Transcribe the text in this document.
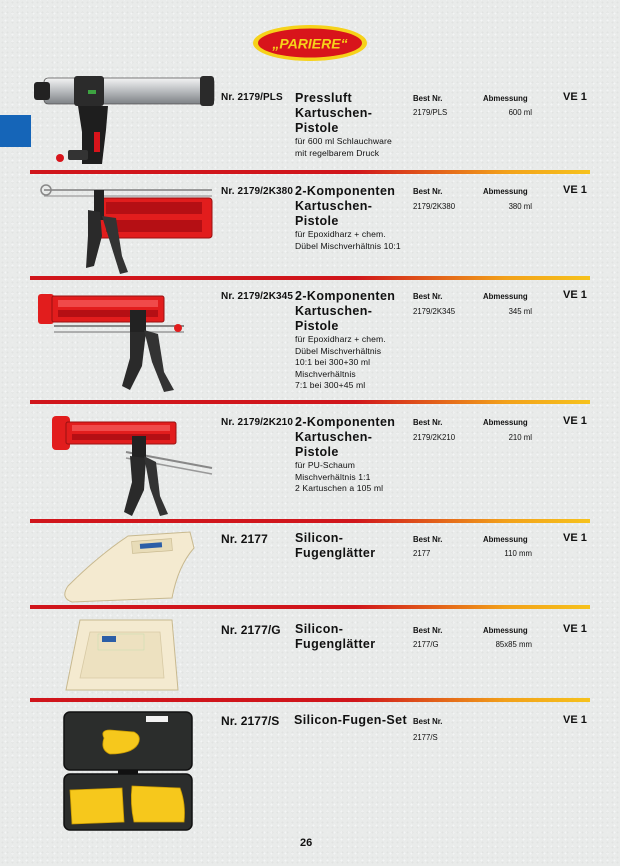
„PARIERE“
Nr. 2179/PLS Pressluft
Kartuschen-
Pistole
für 600 ml Schlauchware
mit regelbarem Druck
Best Nr.	Abmessung	VE 1
2179/PLS	600 ml
Nr. 2179/2K380 2-Komponenten
Kartuschen-
Pistole
für Epoxidharz + chem.
Dübel Mischverhältnis 10:1
Best Nr.	Abmessung	VE 1
2179/2K380	380 ml
Nr. 2179/2K345 2-Komponenten
Kartuschen-
Pistole
für Epoxidharz + chem.
Dübel Mischverhältnis
10:1 bei 300+30 ml
Mischverhältnis
7:1 bei 300+45 ml
Best Nr.	Abmessung	VE 1
2179/2K345	345 ml
Nr. 2179/2K210 2-Komponenten
Kartuschen-
Pistole
für PU-Schaum
Mischverhältnis 1:1
2 Kartuschen a 105 ml
Best Nr.	Abmessung	VE 1
2179/2K210	210 ml
Nr. 2177 Silicon-
Fugenglätter
Best Nr.	Abmessung	VE 1
2177	110 mm
Nr. 2177/G Silicon-
Fugenglätter
Best Nr.	Abmessung	VE 1
2177/G	85x85 mm
Nr. 2177/S Silicon-Fugen-Set Best Nr.	VE 1
2177/S
26
